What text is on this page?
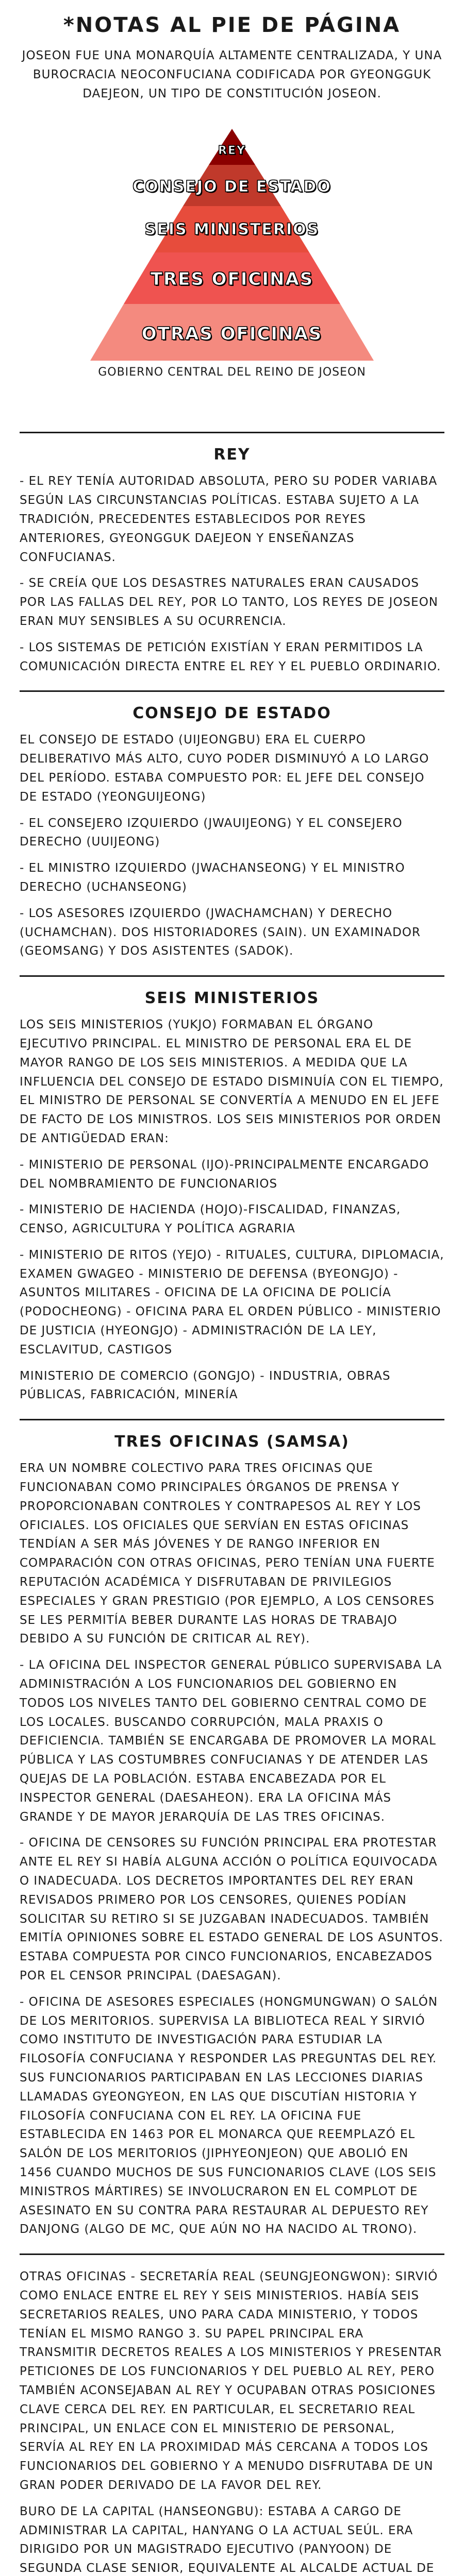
*NOTAS AL PIE DE PÁGINA
JOSEON FUE UNA MONARQUÍA ALTAMENTE CENTRALIZADA, Y UNA BUROCRACIA NEOCONFUCIANA CODIFICADA POR GYEONGGUK DAEJEON, UN TIPO DE CONSTITUCIÓN JOSEON.
REY
CONSEJO DE ESTADO
SEIS MINISTERIOS
TRES OFICINAS
OTRAS OFICINAS
GOBIERNO CENTRAL DEL REINO DE JOSEON
REY
- EL REY TENÍA AUTORIDAD ABSOLUTA, PERO SU PODER VARIABA SEGÚN LAS CIRCUNSTANCIAS POLÍTICAS. ESTABA SUJETO A LA TRADICIÓN, PRECEDENTES ESTABLECIDOS POR REYES ANTERIORES, GYEONGGUK DAEJEON Y ENSEÑANZAS CONFUCIANAS.
- SE CREÍA QUE LOS DESASTRES NATURALES ERAN CAUSADOS POR LAS FALLAS DEL REY, POR LO TANTO, LOS REYES DE JOSEON ERAN MUY SENSIBLES A SU OCURRENCIA.
- LOS SISTEMAS DE PETICIÓN EXISTÍAN Y ERAN PERMITIDOS LA COMUNICACIÓN DIRECTA ENTRE EL REY Y EL PUEBLO ORDINARIO.
CONSEJO DE ESTADO
EL CONSEJO DE ESTADO (UIJEONGBU) ERA EL CUERPO DELIBERATIVO MÁS ALTO, CUYO PODER DISMINUYÓ A LO LARGO DEL PERÍODO. ESTABA COMPUESTO POR: EL JEFE DEL CONSEJO DE ESTADO (YEONGUIJEONG)
- EL CONSEJERO IZQUIERDO (JWAUIJEONG) Y EL CONSEJERO DERECHO (UUIJEONG)
- EL MINISTRO IZQUIERDO (JWACHANSEONG) Y EL MINISTRO DERECHO (UCHANSEONG)
- LOS ASESORES IZQUIERDO (JWACHAMCHAN) Y DERECHO (UCHAMCHAN). DOS HISTORIADORES (SAIN). UN EXAMINADOR (GEOMSANG) Y DOS ASISTENTES (SADOK).
SEIS MINISTERIOS
LOS SEIS MINISTERIOS (YUKJO) FORMABAN EL ÓRGANO EJECUTIVO PRINCIPAL. EL MINISTRO DE PERSONAL ERA EL DE MAYOR RANGO DE LOS SEIS MINISTERIOS. A MEDIDA QUE LA INFLUENCIA DEL CONSEJO DE ESTADO DISMINUÍA CON EL TIEMPO, EL MINISTRO DE PERSONAL SE CONVERTÍA A MENUDO EN EL JEFE DE FACTO DE LOS MINISTROS. LOS SEIS MINISTERIOS POR ORDEN DE ANTIGÜEDAD ERAN:
- MINISTERIO DE PERSONAL (IJO)-PRINCIPALMENTE ENCARGADO DEL NOMBRAMIENTO DE FUNCIONARIOS
- MINISTERIO DE HACIENDA (HOJO)-FISCALIDAD, FINANZAS, CENSO, AGRICULTURA Y POLÍTICA AGRARIA
- MINISTERIO DE RITOS (YEJO) - RITUALES, CULTURA, DIPLOMACIA, EXAMEN GWAGEO - MINISTERIO DE DEFENSA (BYEONGJO) - ASUNTOS MILITARES - OFICINA DE LA OFICINA DE POLICÍA (PODOCHEONG) - OFICINA PARA EL ORDEN PÚBLICO - MINISTERIO DE JUSTICIA (HYEONGJO) - ADMINISTRACIÓN DE LA LEY, ESCLAVITUD, CASTIGOS
MINISTERIO DE COMERCIO (GONGJO) - INDUSTRIA, OBRAS PÚBLICAS, FABRICACIÓN, MINERÍA
TRES OFICINAS (SAMSA)
ERA UN NOMBRE COLECTIVO PARA TRES OFICINAS QUE FUNCIONABAN COMO PRINCIPALES ÓRGANOS DE PRENSA Y PROPORCIONABAN CONTROLES Y CONTRAPESOS AL REY Y LOS OFICIALES. LOS OFICIALES QUE SERVÍAN EN ESTAS OFICINAS TENDÍAN A SER MÁS JÓVENES Y DE RANGO INFERIOR EN COMPARACIÓN CON OTRAS OFICINAS, PERO TENÍAN UNA FUERTE REPUTACIÓN ACADÉMICA Y DISFRUTABAN DE PRIVILEGIOS ESPECIALES Y GRAN PRESTIGIO (POR EJEMPLO, A LOS CENSORES SE LES PERMITÍA BEBER DURANTE LAS HORAS DE TRABAJO DEBIDO A SU FUNCIÓN DE CRITICAR AL REY).
- LA OFICINA DEL INSPECTOR GENERAL PÚBLICO SUPERVISABA LA ADMINISTRACIÓN A LOS FUNCIONARIOS DEL GOBIERNO EN TODOS LOS NIVELES TANTO DEL GOBIERNO CENTRAL COMO DE LOS LOCALES. BUSCANDO CORRUPCIÓN, MALA PRAXIS O DEFICIENCIA. TAMBIÉN SE ENCARGABA DE PROMOVER LA MORAL PÚBLICA Y LAS COSTUMBRES CONFUCIANAS Y DE ATENDER LAS QUEJAS DE LA POBLACIÓN. ESTABA ENCABEZADA POR EL INSPECTOR GENERAL (DAESAHEON). ERA LA OFICINA MÁS GRANDE Y DE MAYOR JERARQUÍA DE LAS TRES OFICINAS.
- OFICINA DE CENSORES SU FUNCIÓN PRINCIPAL ERA PROTESTAR ANTE EL REY SI HABÍA ALGUNA ACCIÓN O POLÍTICA EQUIVOCADA O INADECUADA. LOS DECRETOS IMPORTANTES DEL REY ERAN REVISADOS PRIMERO POR LOS CENSORES, QUIENES PODÍAN SOLICITAR SU RETIRO SI SE JUZGABAN INADECUADOS. TAMBIÉN EMITÍA OPINIONES SOBRE EL ESTADO GENERAL DE LOS ASUNTOS. ESTABA COMPUESTA POR CINCO FUNCIONARIOS, ENCABEZADOS POR EL CENSOR PRINCIPAL (DAESAGAN).
- OFICINA DE ASESORES ESPECIALES (HONGMUNGWAN) O SALÓN DE LOS MERITORIOS. SUPERVISA LA BIBLIOTECA REAL Y SIRVIÓ COMO INSTITUTO DE INVESTIGACIÓN PARA ESTUDIAR LA FILOSOFÍA CONFUCIANA Y RESPONDER LAS PREGUNTAS DEL REY. SUS FUNCIONARIOS PARTICIPABAN EN LAS LECCIONES DIARIAS LLAMADAS GYEONGYEON, EN LAS QUE DISCUTÍAN HISTORIA Y FILOSOFÍA CONFUCIANA CON EL REY. LA OFICINA FUE ESTABLECIDA EN 1463 POR EL MONARCA QUE REEMPLAZÓ EL SALÓN DE LOS MERITORIOS (JIPHYEONJEON) QUE ABOLIÓ EN 1456 CUANDO MUCHOS DE SUS FUNCIONARIOS CLAVE (LOS SEIS MINISTROS MÁRTIRES) SE INVOLUCRARON EN EL COMPLOT DE ASESINATO EN SU CONTRA PARA RESTAURAR AL DEPUESTO REY DANJONG (ALGO DE MC, QUE AÚN NO HA NACIDO AL TRONO).
OTRAS OFICINAS - SECRETARÍA REAL (SEUNGJEONGWON): SIRVIÓ COMO ENLACE ENTRE EL REY Y SEIS MINISTERIOS. HABÍA SEIS SECRETARIOS REALES, UNO PARA CADA MINISTERIO, Y TODOS TENÍAN EL MISMO RANGO 3. SU PAPEL PRINCIPAL ERA TRANSMITIR DECRETOS REALES A LOS MINISTERIOS Y PRESENTAR PETICIONES DE LOS FUNCIONARIOS Y DEL PUEBLO AL REY, PERO TAMBIÉN ACONSEJABAN AL REY Y OCUPABAN OTRAS POSICIONES CLAVE CERCA DEL REY. EN PARTICULAR, EL SECRETARIO REAL PRINCIPAL, UN ENLACE CON EL MINISTERIO DE PERSONAL, SERVÍA AL REY EN LA PROXIMIDAD MÁS CERCANA A TODOS LOS FUNCIONARIOS DEL GOBIERNO Y A MENUDO DISFRUTABA DE UN GRAN PODER DERIVADO DE LA FAVOR DEL REY.
BURO DE LA CAPITAL (HANSEONGBU): ESTABA A CARGO DE ADMINISTRAR LA CAPITAL, HANYANG O LA ACTUAL SEÚL. ERA DIRIGIDO POR UN MAGISTRADO EJECUTIVO (PANYOON) DE SEGUNDA CLASE SENIOR, EQUIVALENTE AL ALCALDE ACTUAL DE
